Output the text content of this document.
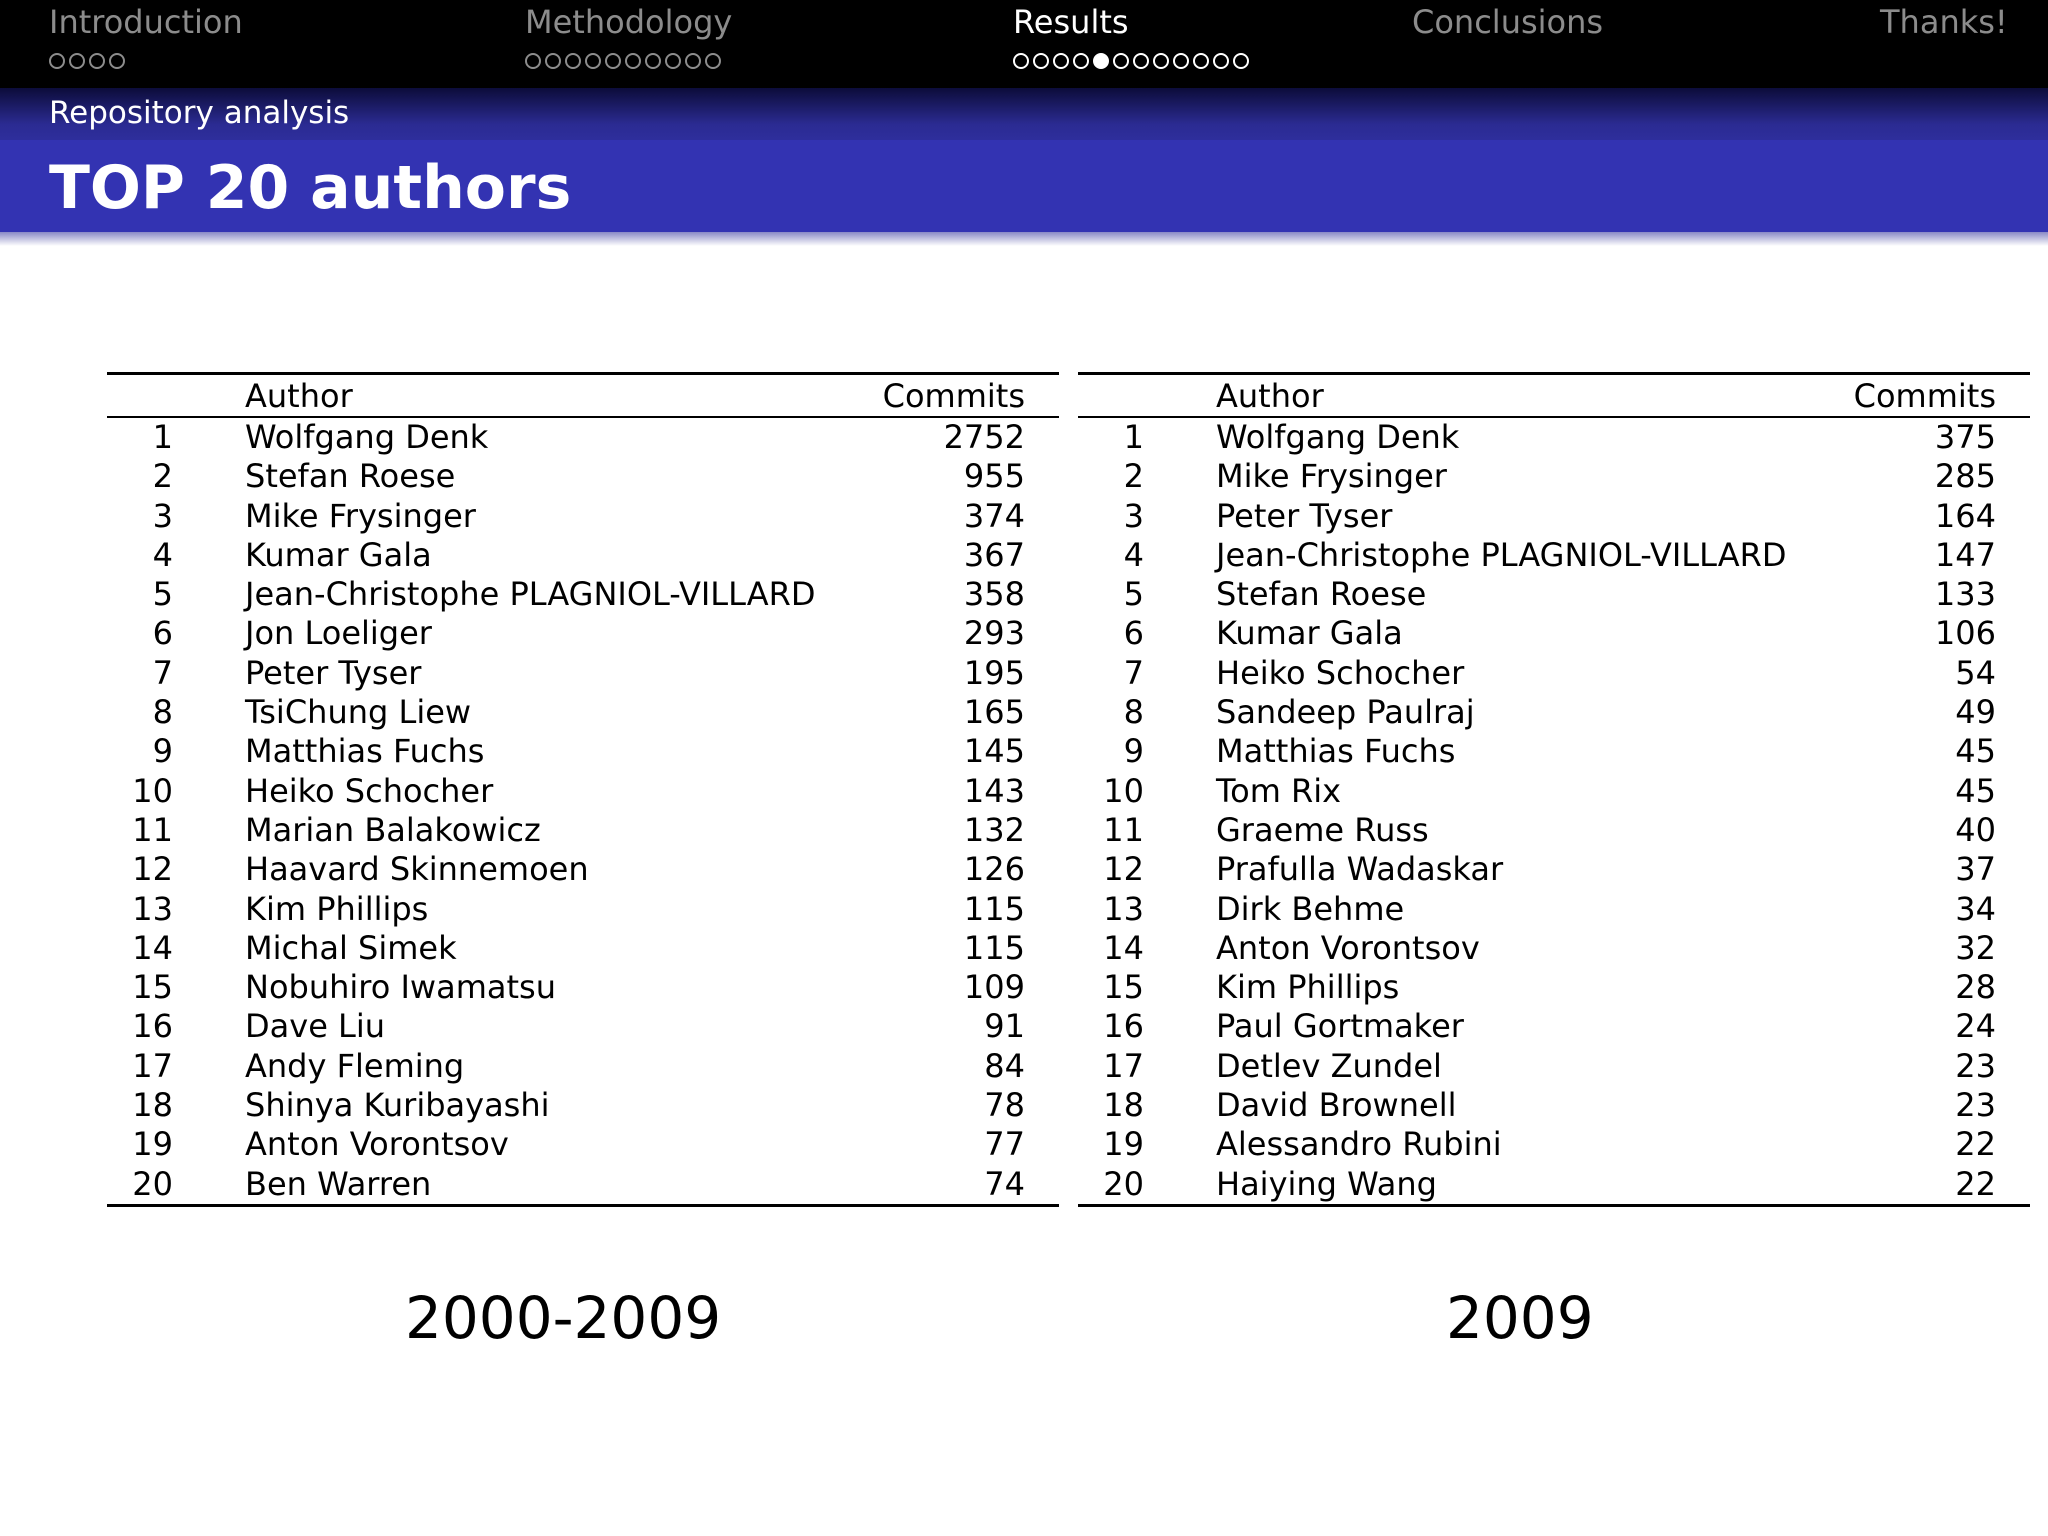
Introduction	Methodology	Results	Conclusions	Thanks!
Repository analysis
TOP 20 authors
Author	Commits
1 Wolfgang Denk	2752
2 Stefan Roese	955
3 Mike Frysinger	374
4 Kumar Gala	367
5 Jean-Christophe PLAGNIOL-VILLARD	358
6 Jon Loeliger	293
7 Peter Tyser	195
8 TsiChung Liew	165
9 Matthias Fuchs	145
10 Heiko Schocher	143
11 Marian Balakowicz	132
12 Haavard Skinnemoen	126
13 Kim Phillips	115
14 Michal Simek	115
15 Nobuhiro Iwamatsu	109
16 Dave Liu	91
17 Andy Fleming	84
18 Shinya Kuribayashi	78
19 Anton Vorontsov	77
20 Ben Warren	74
Author	Commits
1 Wolfgang Denk	375
2 Mike Frysinger	285
3 Peter Tyser	164
4 Jean-Christophe PLAGNIOL-VILLARD	147
5 Stefan Roese	133
6 Kumar Gala	106
7 Heiko Schocher	54
8 Sandeep Paulraj	49
9 Matthias Fuchs	45
10 Tom Rix	45
11 Graeme Russ	40
12 Prafulla Wadaskar	37
13 Dirk Behme	34
14 Anton Vorontsov	32
15 Kim Phillips	28
16 Paul Gortmaker	24
17 Detlev Zundel	23
18 David Brownell	23
19 Alessandro Rubini	22
20 Haiying Wang	22
2000-2009	2009
